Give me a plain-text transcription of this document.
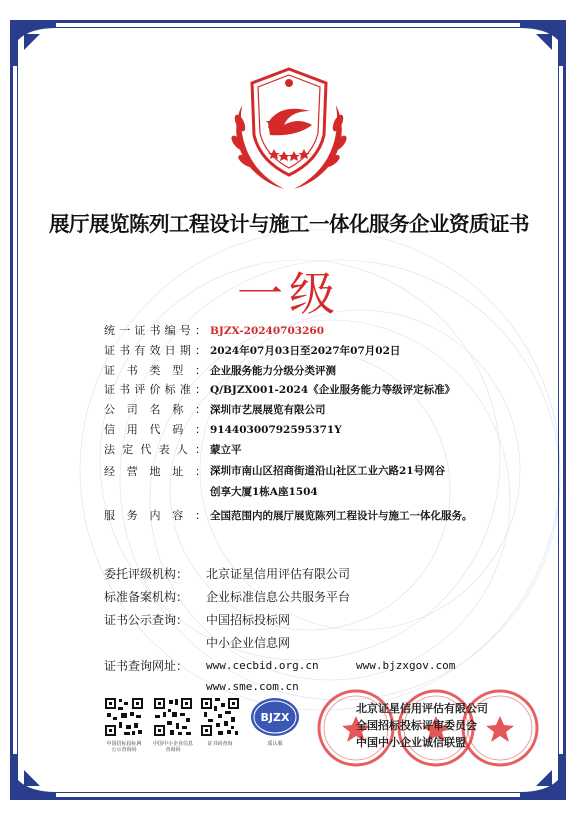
展厅展览陈列工程设计与施工一体化服务企业资质证书
一级
统一证书编号： BJZX-20240703260
证书有效日期： 2024年07月03日至2027年07月02日
证书类型： 企业服务能力分级分类评测
证书评价标准： Q/BJZX001-2024《企业服务能力等级评定标准》
公司名称： 深圳市艺展展览有限公司
信用代码： 91440300792595371Y
法定代表人： 蒙立平
经营地址： 深圳市南山区招商街道沿山社区工业六路21号网谷
创享大厦1栋A座1504
服务内容： 全国范围内的展厅展览陈列工程设计与施工一体化服务。
委托评级机构：	北京证星信用评估有限公司
标准备案机构：	企业标准信息公共服务平台
证书公示查询：	中国招标投标网
中小企业信息网
证书查询网址：	www.cecbid.org.cn	www.bjzxgov.com
www.sme.com.cn
中国招标投标网
公示查询码
中国中小企业信息
查询码
证书码查询
BJZX
质认服
北京证星信用评估有限公司
全国招标投标评审委员会
中国中小企业诚信联盟
